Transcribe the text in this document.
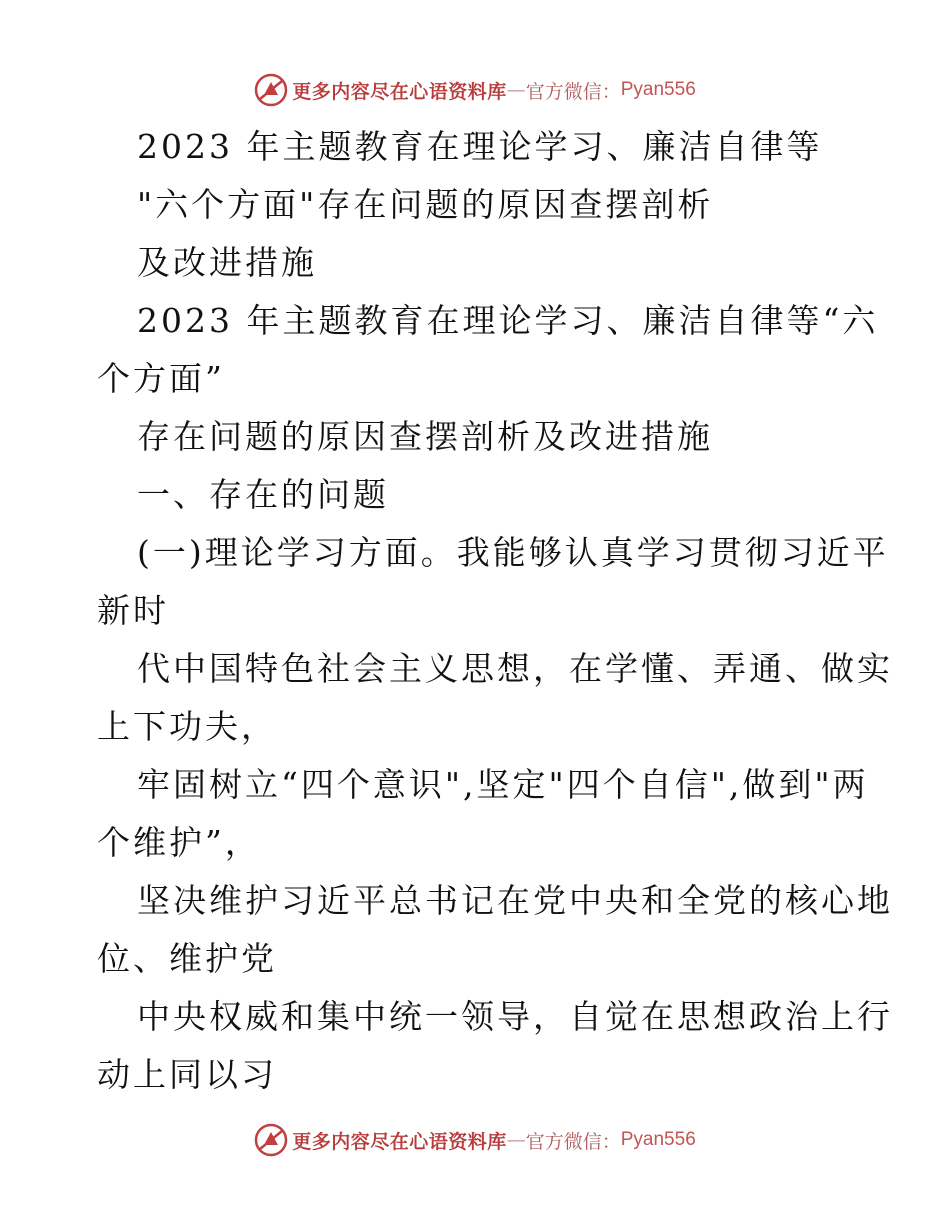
更多内容尽在心语资料库 — 官方微信： Pyan556
2023 年主题教育在理论学习、廉洁自律等
"六个方面"存在问题的原因查摆剖析
及改进措施
2023 年主题教育在理论学习、廉洁自律等“六
个方面”
存在问题的原因查摆剖析及改进措施
一、存在的问题
(一)理论学习方面。我能够认真学习贯彻习近平
新时
代中国特色社会主义思想，在学懂、弄通、做实
上下功夫，
牢固树立“四个意识",坚定"四个自信",做到"两
个维护”，
坚决维护习近平总书记在党中央和全党的核心地
位、维护党
中央权威和集中统一领导，自觉在思想政治上行
动上同以习
更多内容尽在心语资料库 — 官方微信： Pyan556
